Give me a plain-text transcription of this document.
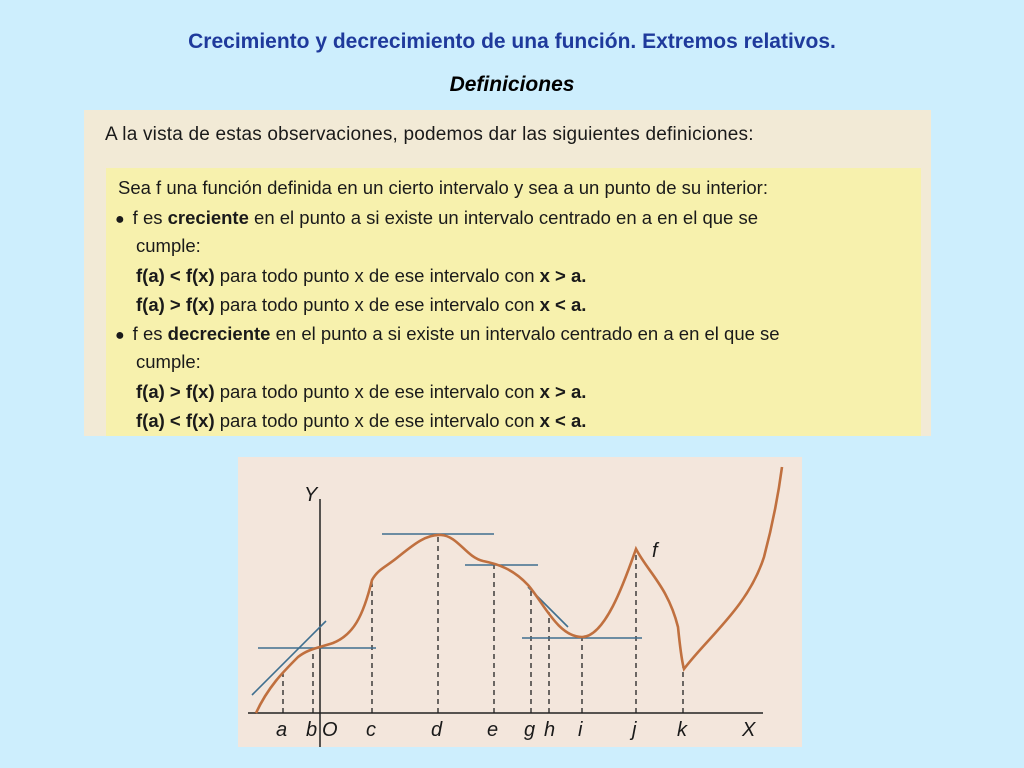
Crecimiento y decrecimiento de una función. Extremos relativos.
Definiciones
A la vista de estas observaciones, podemos dar las siguientes definiciones:
Sea f una función definida en un cierto intervalo y sea a un punto de su interior:
● f es creciente en el punto a si existe un intervalo centrado en a en el que se
cumple:
f(a) < f(x) para todo punto x de ese intervalo con x > a.
f(a) > f(x) para todo punto x de ese intervalo con x < a.
● f es decreciente en el punto a si existe un intervalo centrado en a en el que se
cumple:
f(a) > f(x) para todo punto x de ese intervalo con x > a.
f(a) < f(x) para todo punto x de ese intervalo con x < a.
Y
X
f
a b O c	d e g h i j k
